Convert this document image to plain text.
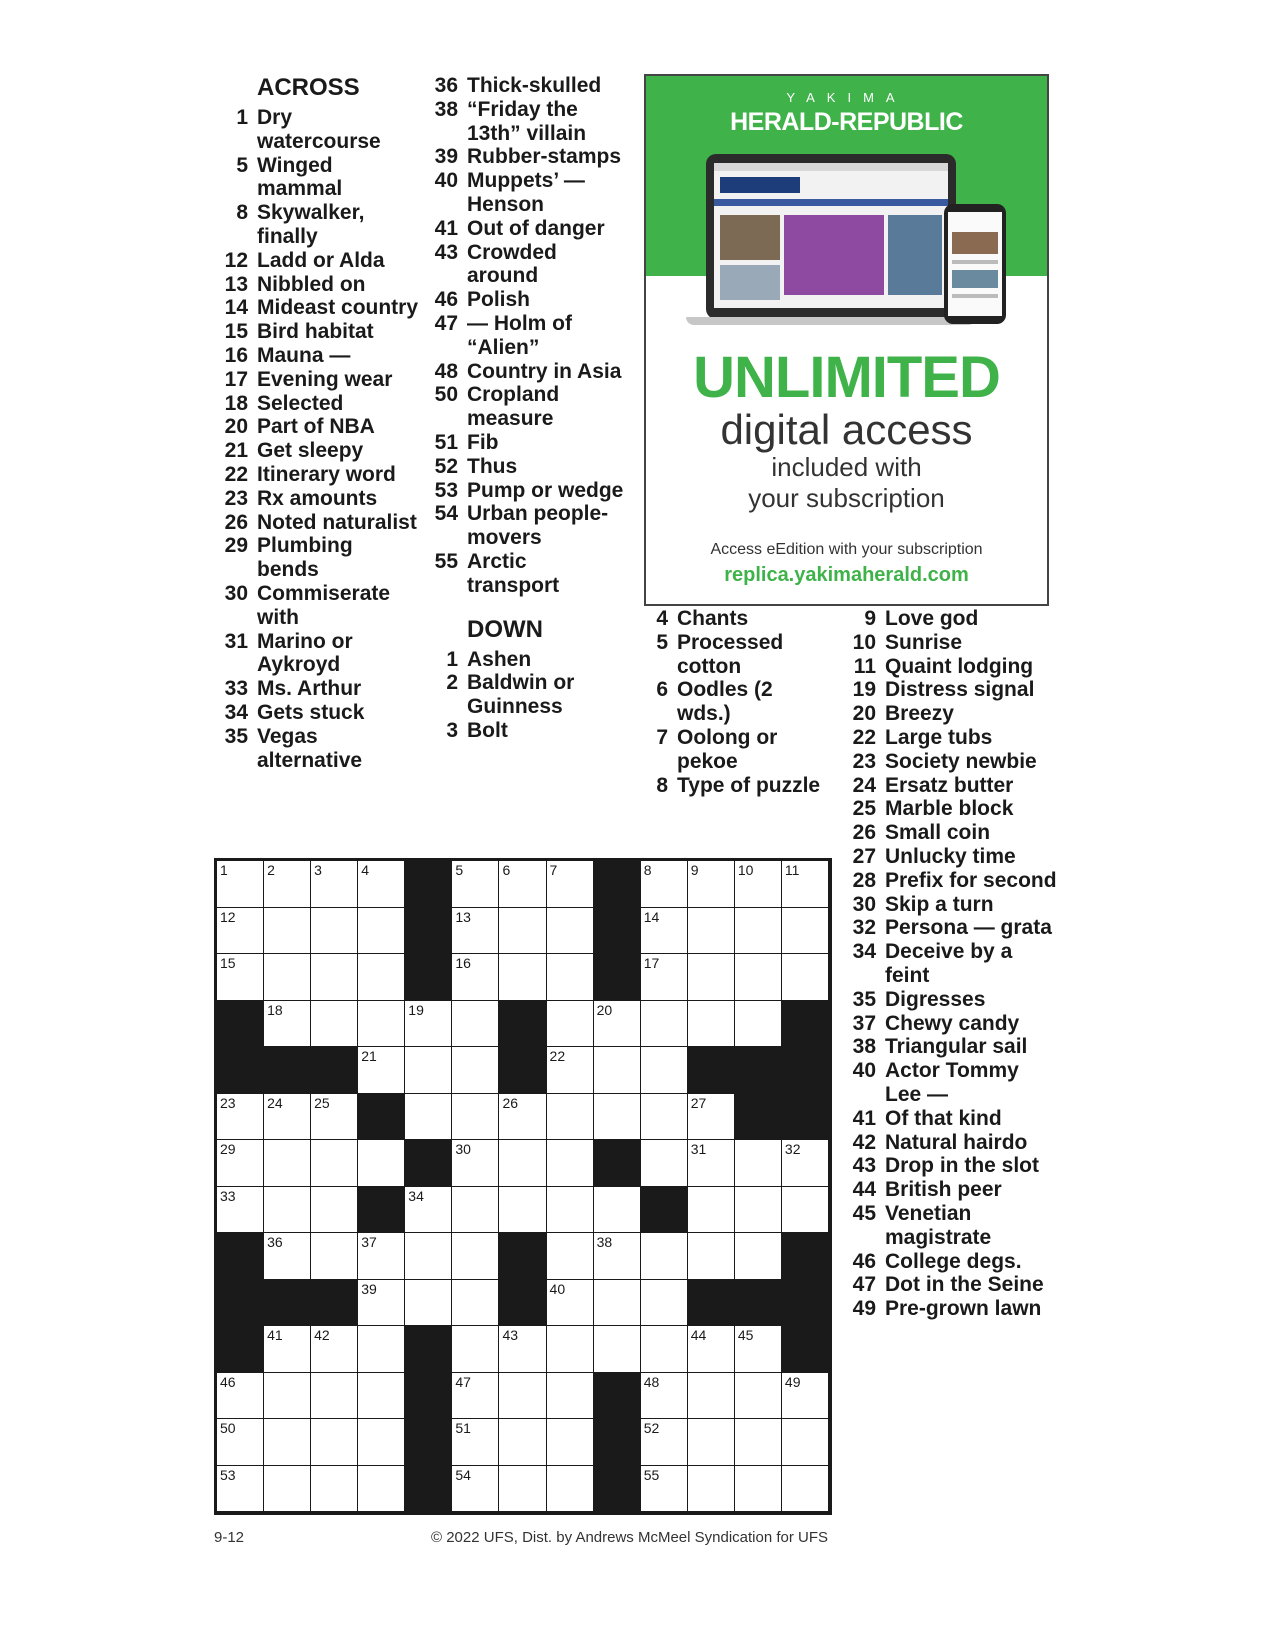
ACROSS
1 Dry watercourse
5 Winged mammal
8 Skywalker, finally
12 Ladd or Alda
13 Nibbled on
14 Mideast country
15 Bird habitat
16 Mauna —
17 Evening wear
18 Selected
20 Part of NBA
21 Get sleepy
22 Itinerary word
23 Rx amounts
26 Noted naturalist
29 Plumbing bends
30 Commiserate with
31 Marino or Aykroyd
33 Ms. Arthur
34 Gets stuck
35 Vegas alternative
36 Thick-skulled
38 “Friday the 13th” villain
39 Rubber-stamps
40 Muppets’ — Henson
41 Out of danger
43 Crowded around
46 Polish
47 — Holm of “Alien”
48 Country in Asia
50 Cropland measure
51 Fib
52 Thus
53 Pump or wedge
54 Urban people-movers
55 Arctic transport
DOWN
1 Ashen
2 Baldwin or Guinness
3 Bolt
4 Chants
5 Processed cotton
6 Oodles (2 wds.)
7 Oolong or pekoe
8 Type of puzzle
9 Love god
10 Sunrise
11 Quaint lodging
19 Distress signal
20 Breezy
22 Large tubs
23 Society newbie
24 Ersatz butter
25 Marble block
26 Small coin
27 Unlucky time
28 Prefix for second
30 Skip a turn
32 Persona — grata
34 Deceive by a feint
35 Digresses
37 Chewy candy
38 Triangular sail
40 Actor Tommy Lee —
41 Of that kind
42 Natural hairdo
43 Drop in the slot
44 British peer
45 Venetian magistrate
46 College degs.
47 Dot in the Seine
49 Pre-grown lawn
YAKIMA
HERALD-REPUBLIC
UNLIMITED
digital access
included with
your subscription
Access eEdition with your subscription
replica.yakimaherald.com
1	2	3	4	5	6	7	8	9	10 11
12	13	14
15	16	17
18	19	20
21	22
23 24 25	26	27 28
29	30	31	32
33	34	35
36	37	38
39	40
41 42	43	44 45
46	47	48	49
50	51	52
53	54	55
9-12	© 2022 UFS, Dist. by Andrews McMeel Syndication for UFS
